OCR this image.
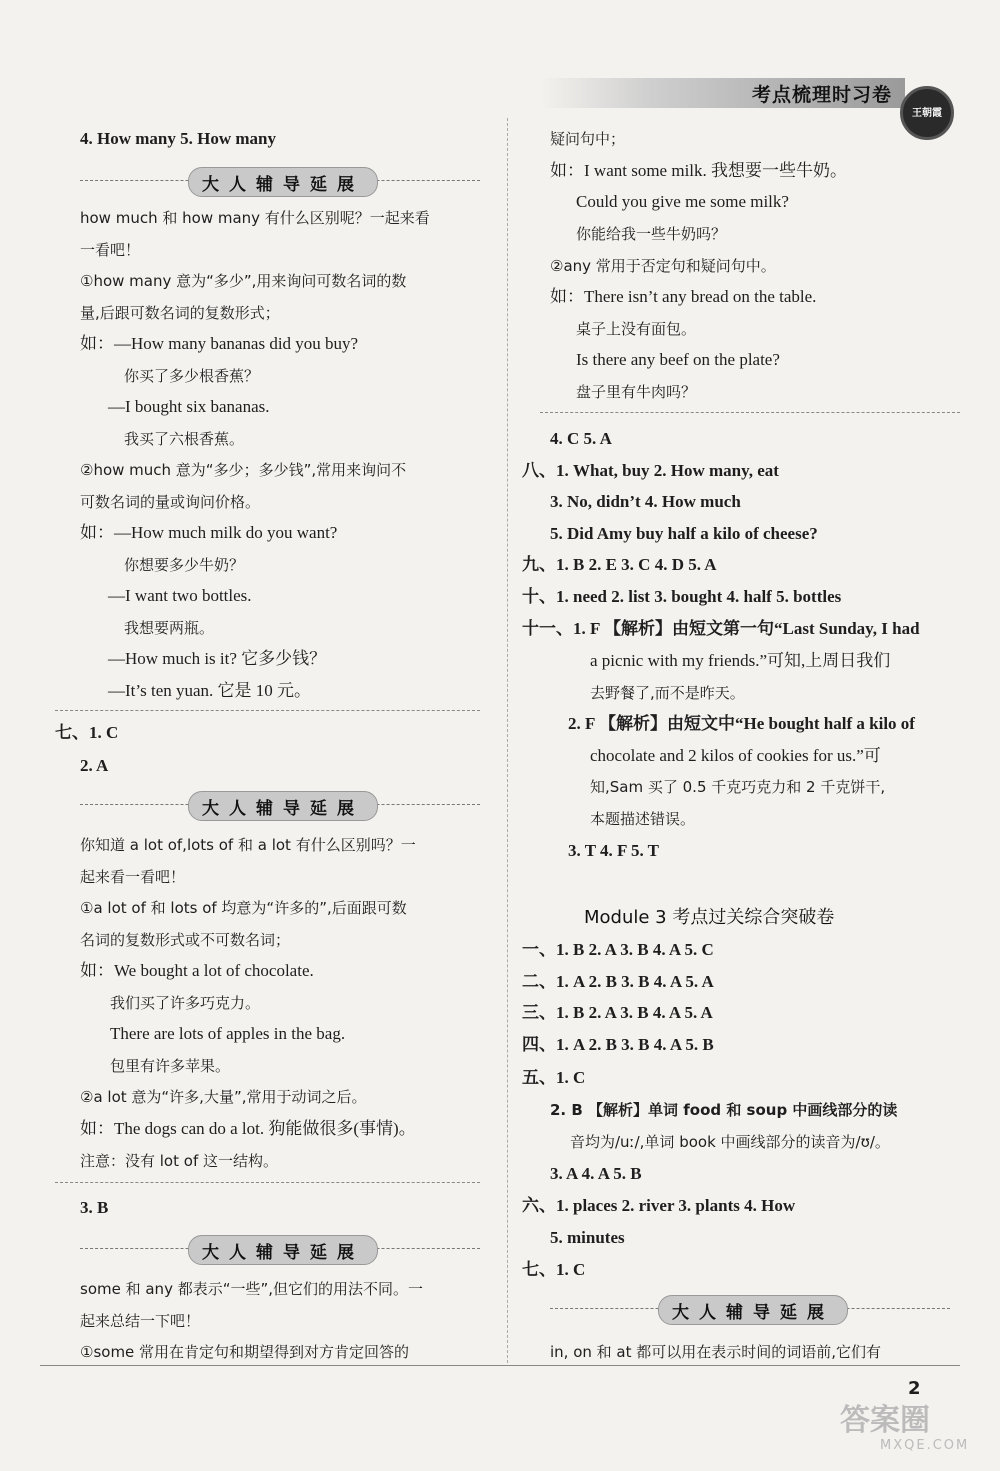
考点梳理时习卷
王朝霞
4. How many 5. How many
大人辅导延展
how much 和 how many 有什么区别呢？一起来看
一看吧！
①how many 意为“多少”,用来询问可数名词的数
量,后跟可数名词的复数形式；
如：—How many bananas did you buy?
你买了多少根香蕉？
—I bought six bananas.
我买了六根香蕉。
②how much 意为“多少；多少钱”,常用来询问不
可数名词的量或询问价格。
如：—How much milk do you want?
你想要多少牛奶？
—I want two bottles.
我想要两瓶。
—How much is it? 它多少钱？
—It’s ten yuan. 它是 10 元。
七、1. C
2. A
大人辅导延展
你知道 a lot of,lots of 和 a lot 有什么区别吗？一
起来看一看吧！
①a lot of 和 lots of 均意为“许多的”,后面跟可数
名词的复数形式或不可数名词；
如：We bought a lot of chocolate.
我们买了许多巧克力。
There are lots of apples in the bag.
包里有许多苹果。
②a lot 意为“许多,大量”,常用于动词之后。
如：The dogs can do a lot. 狗能做很多(事情)。
注意：没有 lot of 这一结构。
3. B
大人辅导延展
some 和 any 都表示“一些”,但它们的用法不同。一
起来总结一下吧！
①some 常用在肯定句和期望得到对方肯定回答的
疑问句中；
如：I want some milk. 我想要一些牛奶。
Could you give me some milk?
你能给我一些牛奶吗？
②any 常用于否定句和疑问句中。
如：There isn’t any bread on the table.
桌子上没有面包。
Is there any beef on the plate?
盘子里有牛肉吗？
4. C 5. A
八、1. What, buy 2. How many, eat
3. No, didn’t 4. How much
5. Did Amy buy half a kilo of cheese?
九、1. B 2. E 3. C 4. D 5. A
十、1. need 2. list 3. bought 4. half 5. bottles
十一、1. F 【解析】由短文第一句“Last Sunday, I had
a picnic with my friends.”可知,上周日我们
去野餐了,而不是昨天。
2. F 【解析】由短文中“He bought half a kilo of
chocolate and 2 kilos of cookies for us.”可
知,Sam 买了 0.5 千克巧克力和 2 千克饼干,
本题描述错误。
3. T 4. F 5. T
Module 3 考点过关综合突破卷
一、1. B 2. A 3. B 4. A 5. C
二、1. A 2. B 3. B 4. A 5. A
三、1. B 2. A 3. B 4. A 5. A
四、1. A 2. B 3. B 4. A 5. B
五、1. C
2. B 【解析】单词 food 和 soup 中画线部分的读
音均为/uː/,单词 book 中画线部分的读音为/ʊ/。
3. A 4. A 5. B
六、1. places 2. river 3. plants 4. How
5. minutes
七、1. C
大人辅导延展
in, on 和 at 都可以用在表示时间的词语前,它们有
2
答案圈
MXQE.COM
